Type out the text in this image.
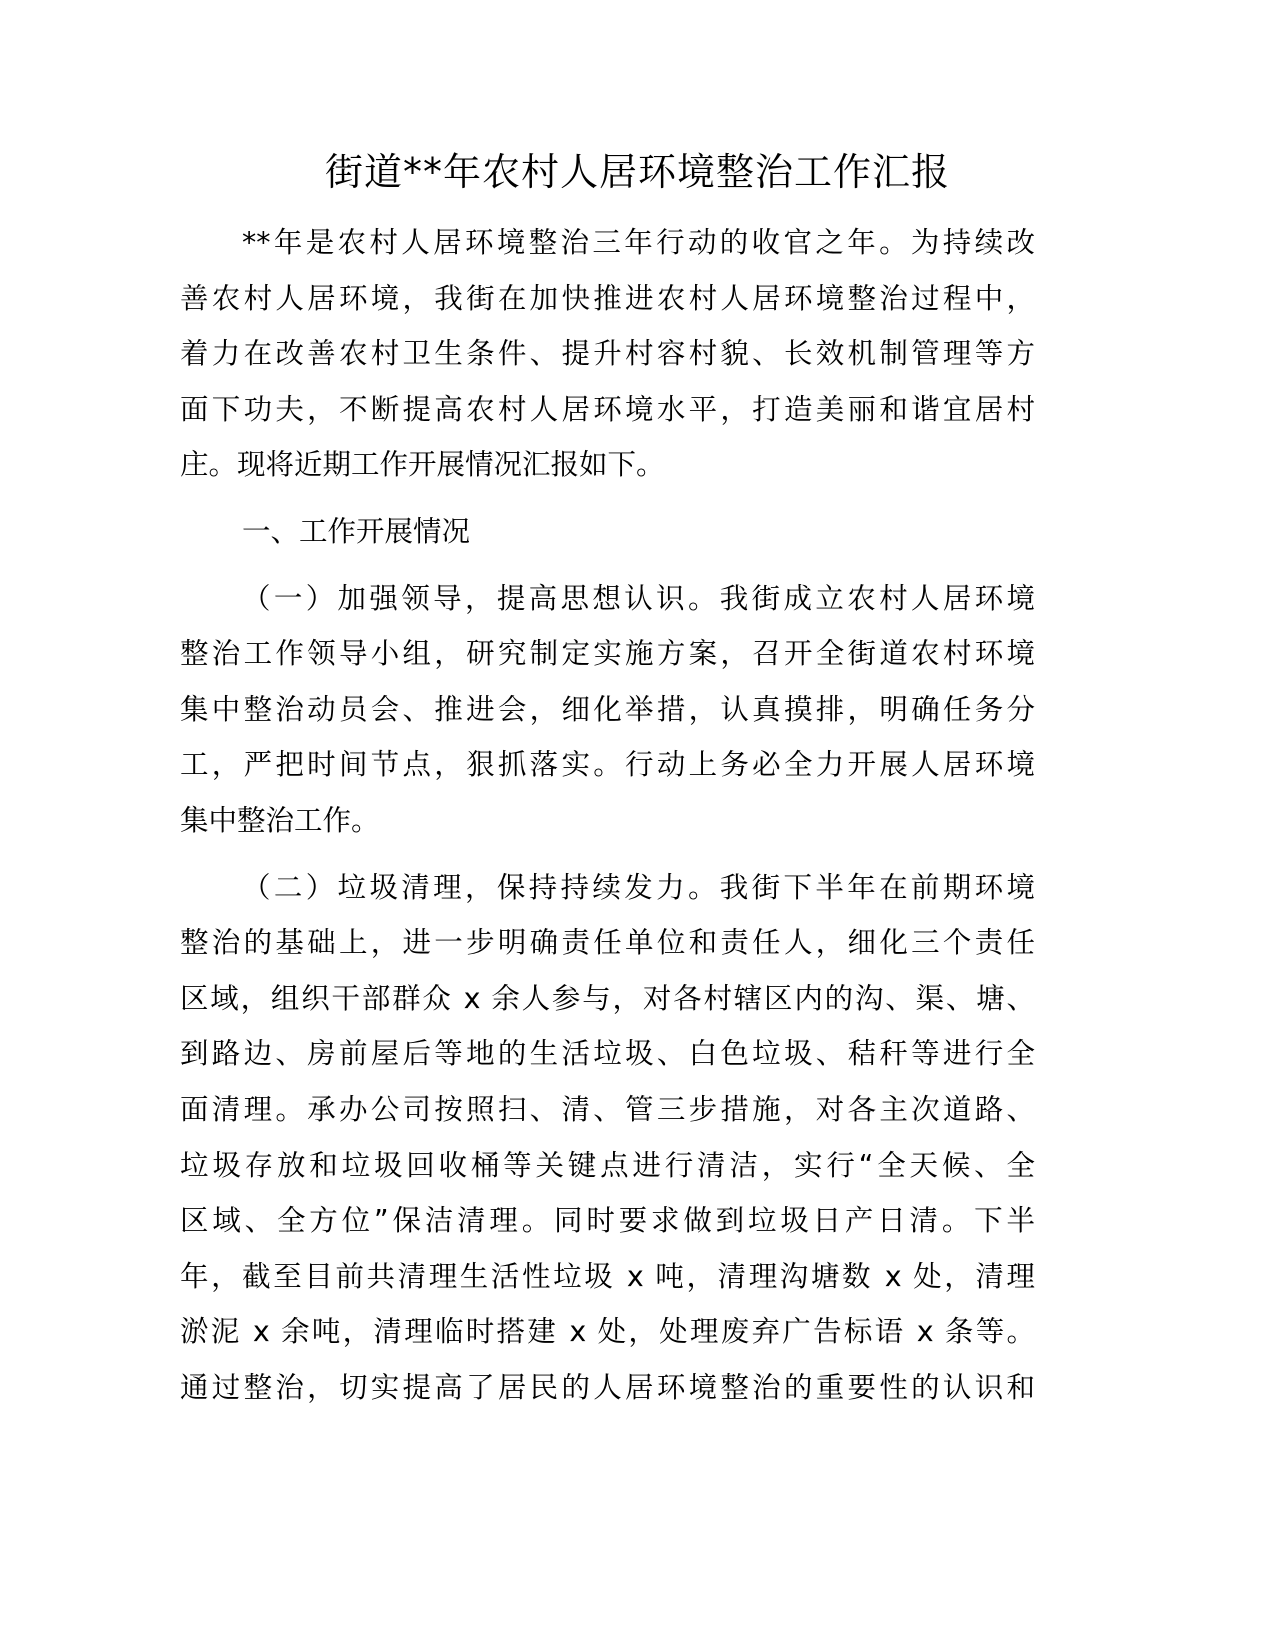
街道**年农村人居环境整治工作汇报
**年是农村人居环境整治三年行动的收官之年。为持续改
善农村人居环境，我街在加快推进农村人居环境整治过程中，
着力在改善农村卫生条件、提升村容村貌、长效机制管理等方
面下功夫，不断提高农村人居环境水平，打造美丽和谐宜居村
庄。现将近期工作开展情况汇报如下。
一、工作开展情况
（一）加强领导，提高思想认识。我街成立农村人居环境
整治工作领导小组，研究制定实施方案，召开全街道农村环境
集中整治动员会、推进会，细化举措，认真摸排，明确任务分
工，严把时间节点，狠抓落实。行动上务必全力开展人居环境
集中整治工作。
（二）垃圾清理，保持持续发力。我街下半年在前期环境
整治的基础上，进一步明确责任单位和责任人，细化三个责任
区域，组织干部群众 x 余人参与，对各村辖区内的沟、渠、塘、
到路边、房前屋后等地的生活垃圾、白色垃圾、秸秆等进行全
面清理。承办公司按照扫、清、管三步措施，对各主次道路、
垃圾存放和垃圾回收桶等关键点进行清洁，实行“全天候、全
区域、全方位”保洁清理。同时要求做到垃圾日产日清。下半
年，截至目前共清理生活性垃圾 x 吨，清理沟塘数 x 处，清理
淤泥 x 余吨，清理临时搭建 x 处，处理废弃广告标语 x 条等。
通过整治，切实提高了居民的人居环境整治的重要性的认识和
